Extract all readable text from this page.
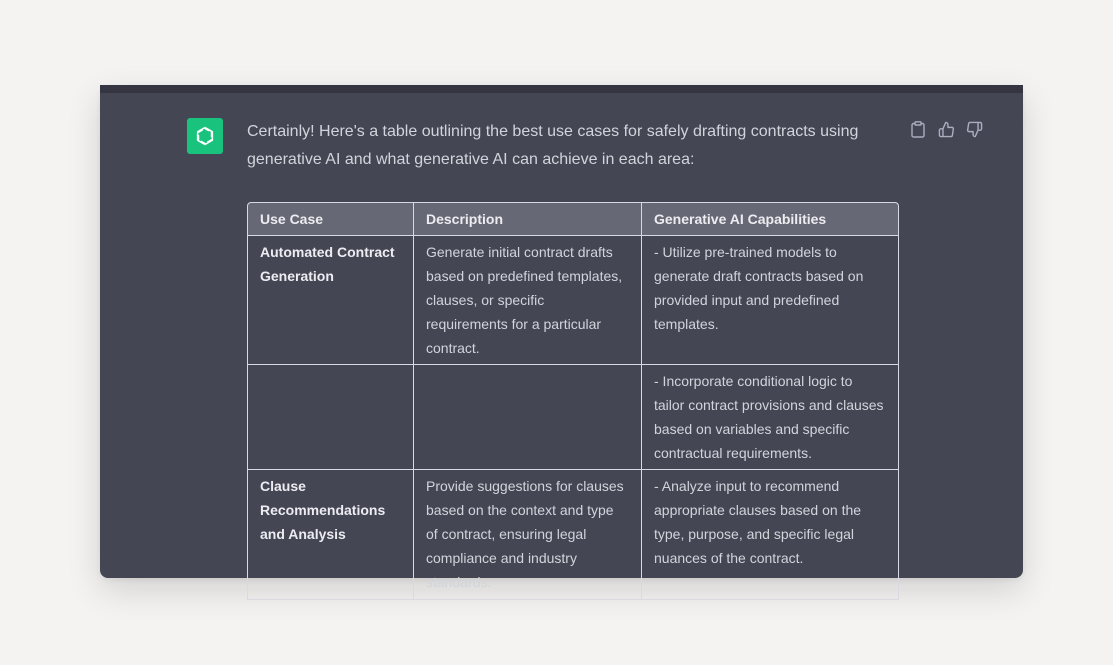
Certainly! Here's a table outlining the best use cases for safely drafting contracts using generative AI and what generative AI can achieve in each area:

Use Case	Description	Generative AI Capabilities
Automated Contract Generation	Generate initial contract drafts based on predefined templates, clauses, or specific requirements for a particular contract.	- Utilize pre-trained models to generate draft contracts based on provided input and predefined templates.
		- Incorporate conditional logic to tailor contract provisions and clauses based on variables and specific contractual requirements.
Clause Recommendations and Analysis	Provide suggestions for clauses based on the context and type of contract, ensuring legal compliance and industry standards.	- Analyze input to recommend appropriate clauses based on the type, purpose, and specific legal nuances of the contract.
